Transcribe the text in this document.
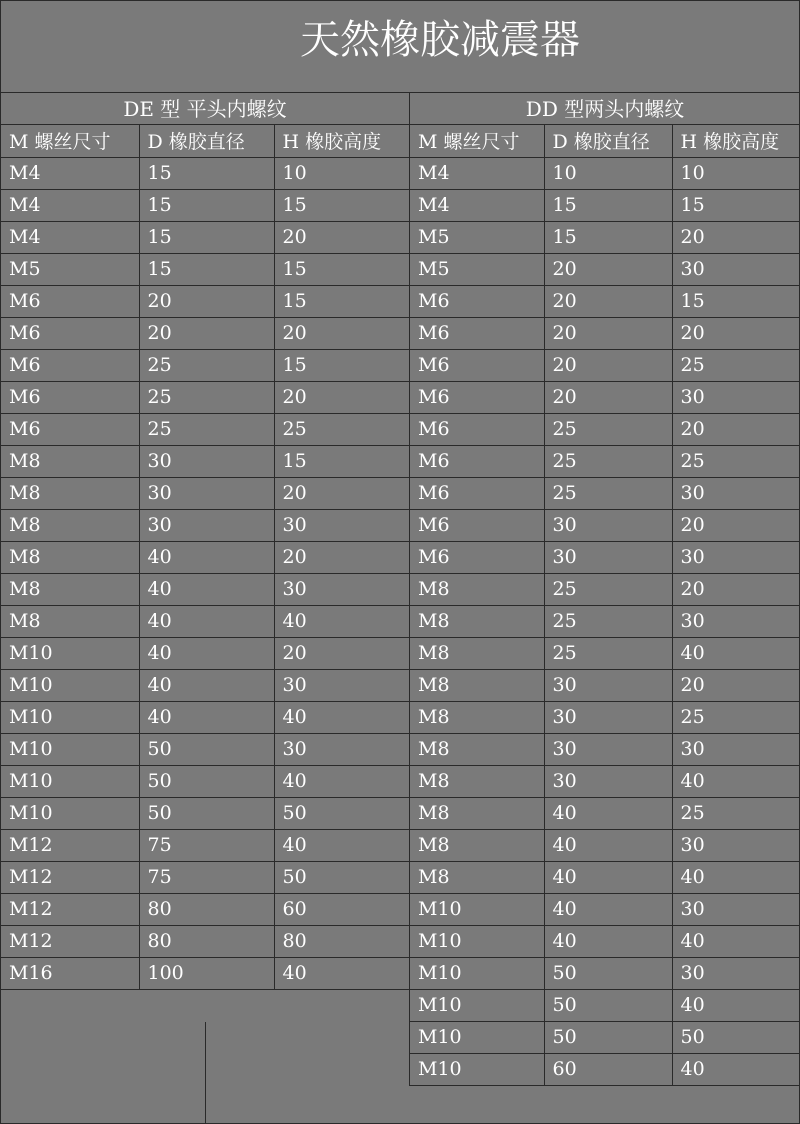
天然橡胶减震器
DE 型 平头内螺纹
M 螺丝尺寸	D 橡胶直径	H 橡胶高度
M4	15	10
M4	15	15
M4	15	20
M5	15	15
M6	20	15
M6	20	20
M6	25	15
M6	25	20
M6	25	25
M8	30	15
M8	30	20
M8	30	30
M8	40	20
M8	40	30
M8	40	40
M10	40	20
M10	40	30
M10	40	40
M10	50	30
M10	50	40
M10	50	50
M12	75	40
M12	75	50
M12	80	60
M12	80	80
M16	100	40
DD 型两头内螺纹
M 螺丝尺寸	D 橡胶直径	H 橡胶高度
M4	10	10
M4	15	15
M5	15	20
M5	20	30
M6	20	15
M6	20	20
M6	20	25
M6	20	30
M6	25	20
M6	25	25
M6	25	30
M6	30	20
M6	30	30
M8	25	20
M8	25	30
M8	25	40
M8	30	20
M8	30	25
M8	30	30
M8	30	40
M8	40	25
M8	40	30
M8	40	40
M10	40	30
M10	40	40
M10	50	30
M10	50	40
M10	50	50
M10	60	40
